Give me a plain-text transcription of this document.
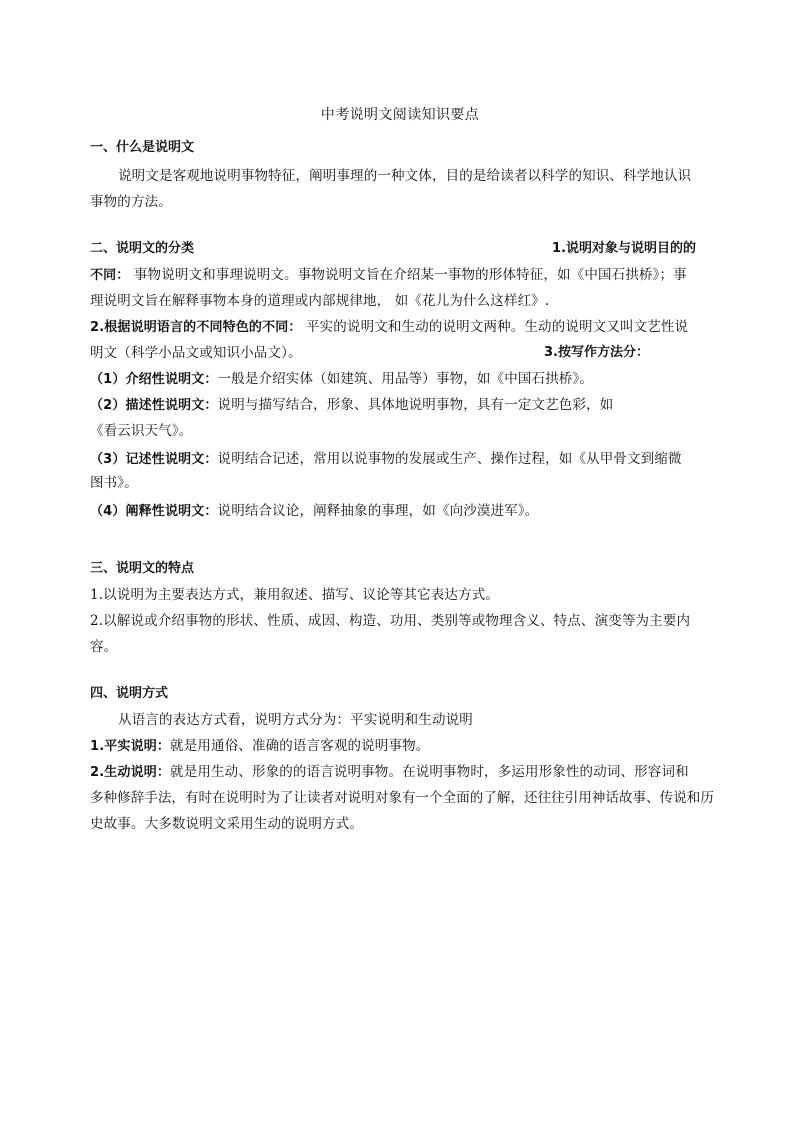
中考说明文阅读知识要点
一、什么是说明文
说明文是客观地说明事物特征，阐明事理的一种文体，目的是给读者以科学的知识、科学地认识
事物的方法。
二、说明文的分类	1.说明对象与说明目的的
不同： 事物说明文和事理说明文。事物说明文旨在介绍某一事物的形体特征，如《中国石拱桥》；事
理说明文旨在解释事物本身的道理或内部规律地， 如《花儿为什么这样红》.
2.根据说明语言的不同特色的不同： 平实的说明文和生动的说明文两种。生动的说明文又叫文艺性说
明文（科学小品文或知识小品文）。	3.按写作方法分：
（1）介绍性说明文：一般是介绍实体（如建筑、用品等）事物，如《中国石拱桥》。
（2）描述性说明文：说明与描写结合，形象、具体地说明事物，具有一定文艺色彩，如
《看云识天气》。
（3）记述性说明文：说明结合记述，常用以说事物的发展或生产、操作过程，如《从甲骨文到缩微
图书》。
（4）阐释性说明文：说明结合议论，阐释抽象的事理，如《向沙漠进军》。
三、说明文的特点
1.以说明为主要表达方式，兼用叙述、描写、议论等其它表达方式。
2.以解说或介绍事物的形状、性质、成因、构造、功用、类别等或物理含义、特点、演变等为主要内
容。
四、说明方式
从语言的表达方式看，说明方式分为：平实说明和生动说明
1.平实说明：就是用通俗、准确的语言客观的说明事物。
2.生动说明：就是用生动、形象的的语言说明事物。在说明事物时，多运用形象性的动词、形容词和
多种修辞手法，有时在说明时为了让读者对说明对象有一个全面的了解，还往往引用神话故事、传说和历
史故事。大多数说明文采用生动的说明方式。
